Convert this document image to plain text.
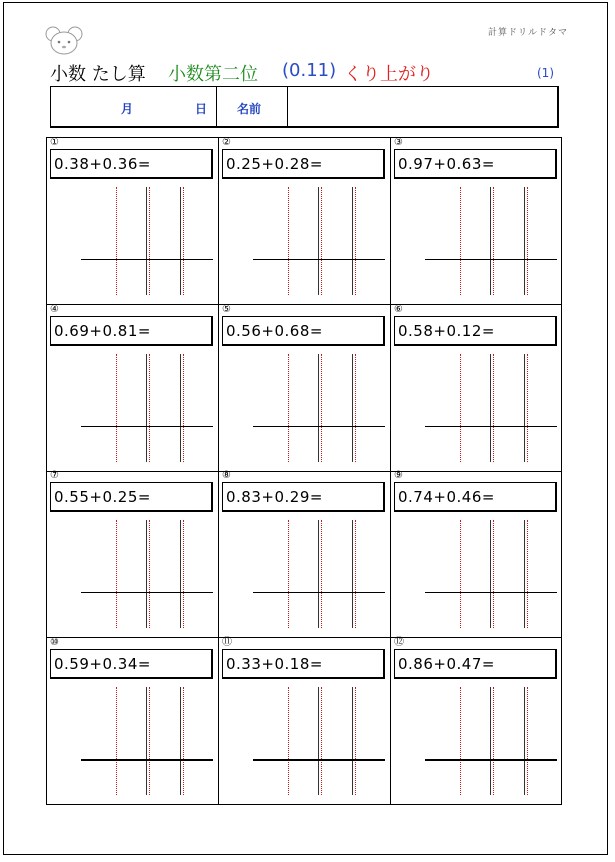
計算ドリルドタマ
小数 たし算 小数第二位 (0.11) くり上がり	(1)
月	日 名前
①
0.38+0.36=
②
0.25+0.28=
③
0.97+0.63=
④
0.69+0.81=
⑤
0.56+0.68=
⑥
0.58+0.12=
⑦
0.55+0.25=
⑧
0.83+0.29=
⑨
0.74+0.46=
⑩
0.59+0.34=
⑪
0.33+0.18=
⑫
0.86+0.47=
